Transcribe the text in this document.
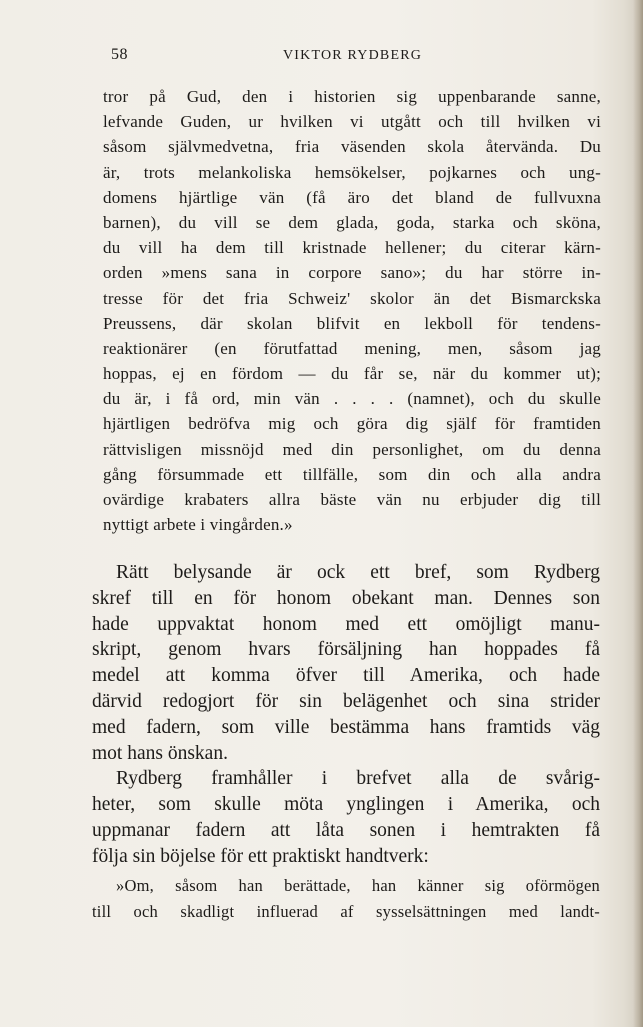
58	VIKTOR RYDBERG
tror på Gud, den i historien sig uppenbarande sanne,
lefvande Guden, ur hvilken vi utgått och till hvilken vi
såsom självmedvetna, fria väsenden skola återvända. Du
är, trots melankoliska hemsökelser, pojkarnes och ung-
domens hjärtlige vän (få äro det bland de fullvuxna
barnen), du vill se dem glada, goda, starka och sköna,
du vill ha dem till kristnade hellener; du citerar kärn-
orden »mens sana in corpore sano»; du har större in-
tresse för det fria Schweiz' skolor än det Bismarckska
Preussens, där skolan blifvit en lekboll för tendens-
reaktionärer (en förutfattad mening, men, såsom jag
hoppas, ej en fördom — du får se, när du kommer ut);
du är, i få ord, min vän . . . . (namnet), och du skulle
hjärtligen bedröfva mig och göra dig själf för framtiden
rättvisligen missnöjd med din personlighet, om du denna
gång försummade ett tillfälle, som din och alla andra
ovärdige krabaters allra bäste vän nu erbjuder dig till
nyttigt arbete i vingården.»
Rätt belysande är ock ett bref, som Rydberg
skref till en för honom obekant man. Dennes son
hade uppvaktat honom med ett omöjligt manu-
skript, genom hvars försäljning han hoppades få
medel att komma öfver till Amerika, och hade
därvid redogjort för sin belägenhet och sina strider
med fadern, som ville bestämma hans framtids väg
mot hans önskan.
Rydberg framhåller i brefvet alla de svårig-
heter, som skulle möta ynglingen i Amerika, och
uppmanar fadern att låta sonen i hemtrakten få
följa sin böjelse för ett praktiskt handtverk:
»Om, såsom han berättade, han känner sig oförmögen
till och skadligt influerad af sysselsättningen med landt-
